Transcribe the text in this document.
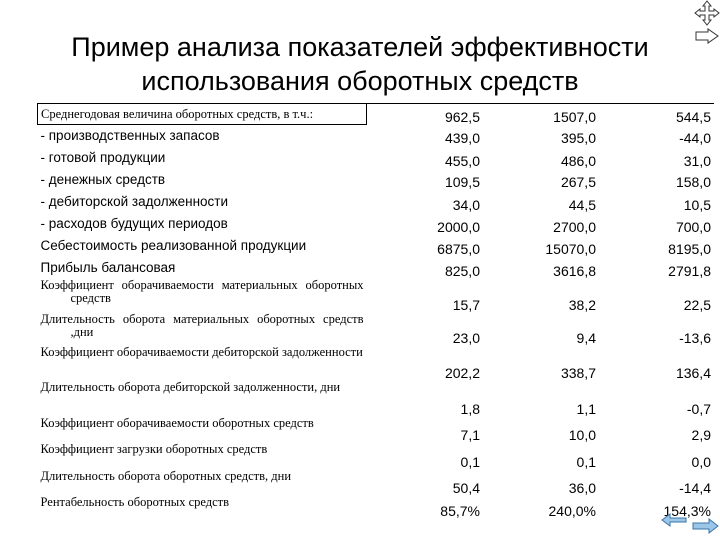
Пример анализа показателей эффективности
использования оборотных средств
Среднегодовая величина оборотных средств, в т.ч.:	962,5	1507,0	544,5
- производственных запасов	439,0	395,0	-44,0
- готовой продукции	455,0	486,0	31,0
- денежных средств	109,5	267,5	158,0
- дебиторской задолженности	34,0	44,5	10,5
- расходов будущих периодов	2000,0	2700,0	700,0
Себестоимость реализованной продукции	6875,0	15070,0	8195,0
Прибыль балансовая	825,0	3616,8	2791,8

Коэффициент оборачиваемости материальных оборотных средств	15,7	38,2	22,5

Длительность оборота материальных оборотных средств ,дни	23,0	9,4	-13,6

Коэффициент оборачиваемости дебиторской задолженности	202,2	338,7	136,4

Длительность оборота дебиторской задолженности, дни	1,8	1,1	-0,7
Коэффициент оборачиваемости оборотных средств	7,1	10,0	2,9
Коэффициент загрузки оборотных средств	0,1	0,1	0,0
Длительность оборота оборотных средств, дни	50,4	36,0	-14,4
Рентабельность оборотных средств	85,7%	240,0%	154,3%
